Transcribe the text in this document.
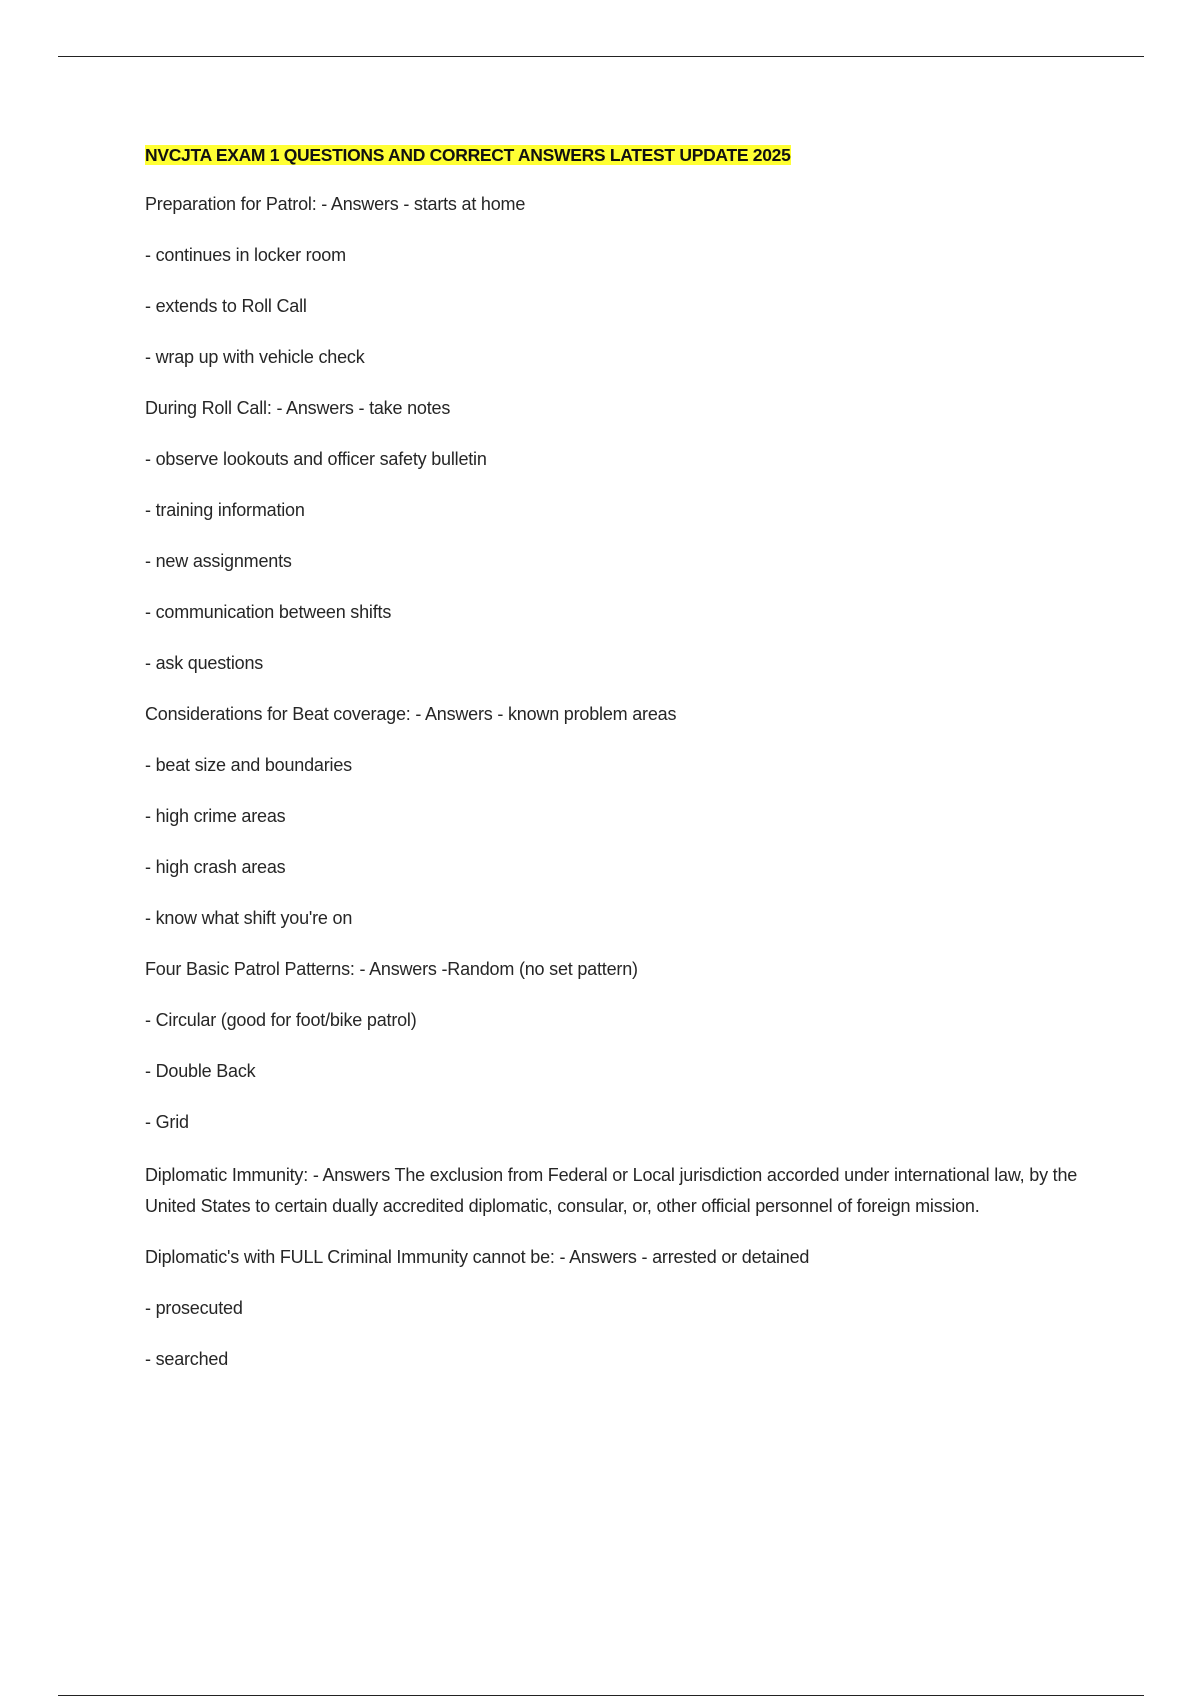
NVCJTA EXAM 1 QUESTIONS AND CORRECT ANSWERS LATEST UPDATE 2025

Preparation for Patrol: - Answers - starts at home

- continues in locker room

- extends to Roll Call

- wrap up with vehicle check

During Roll Call: - Answers - take notes

- observe lookouts and officer safety bulletin

- training information

- new assignments

- communication between shifts

- ask questions

Considerations for Beat coverage: - Answers - known problem areas

- beat size and boundaries

- high crime areas

- high crash areas

- know what shift you're on

Four Basic Patrol Patterns: - Answers -Random (no set pattern)

- Circular (good for foot/bike patrol)

- Double Back

- Grid

Diplomatic Immunity: - Answers The exclusion from Federal or Local jurisdiction accorded under international law, by the United States to certain dually accredited diplomatic, consular, or, other official personnel of foreign mission.

Diplomatic's with FULL Criminal Immunity cannot be: - Answers - arrested or detained

- prosecuted

- searched
